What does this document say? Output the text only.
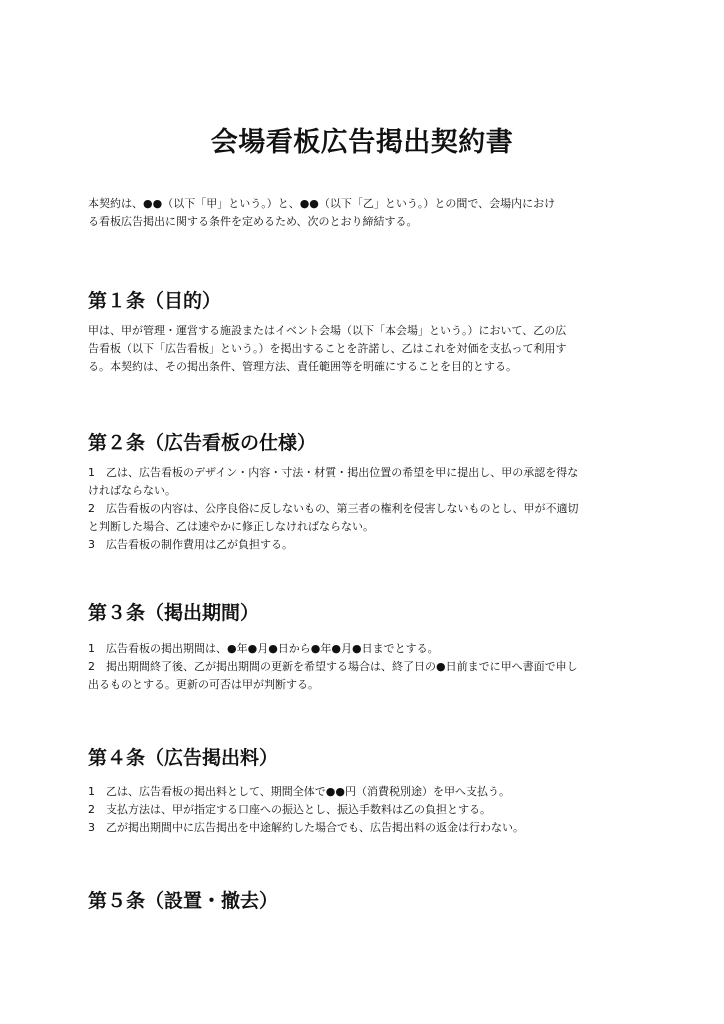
会場看板広告掲出契約書
本契約は、●●（以下「甲」という。）と、●●（以下「乙」という。）との間で、会場内におけ
る看板広告掲出に関する条件を定めるため、次のとおり締結する。
第１条（目的）
甲は、甲が管理・運営する施設またはイベント会場（以下「本会場」という。）において、乙の広
告看板（以下「広告看板」という。）を掲出することを許諾し、乙はこれを対価を支払って利用す
る。本契約は、その掲出条件、管理方法、責任範囲等を明確にすることを目的とする。
第２条（広告看板の仕様）
1　乙は、広告看板のデザイン・内容・寸法・材質・掲出位置の希望を甲に提出し、甲の承認を得な
ければならない。
2　広告看板の内容は、公序良俗に反しないもの、第三者の権利を侵害しないものとし、甲が不適切
と判断した場合、乙は速やかに修正しなければならない。
3　広告看板の制作費用は乙が負担する。
第３条（掲出期間）
1　広告看板の掲出期間は、●年●月●日から●年●月●日までとする。
2　掲出期間終了後、乙が掲出期間の更新を希望する場合は、終了日の●日前までに甲へ書面で申し
出るものとする。更新の可否は甲が判断する。
第４条（広告掲出料）
1　乙は、広告看板の掲出料として、期間全体で●●円（消費税別途）を甲へ支払う。
2　支払方法は、甲が指定する口座への振込とし、振込手数料は乙の負担とする。
3　乙が掲出期間中に広告掲出を中途解約した場合でも、広告掲出料の返金は行わない。
第５条（設置・撤去）
